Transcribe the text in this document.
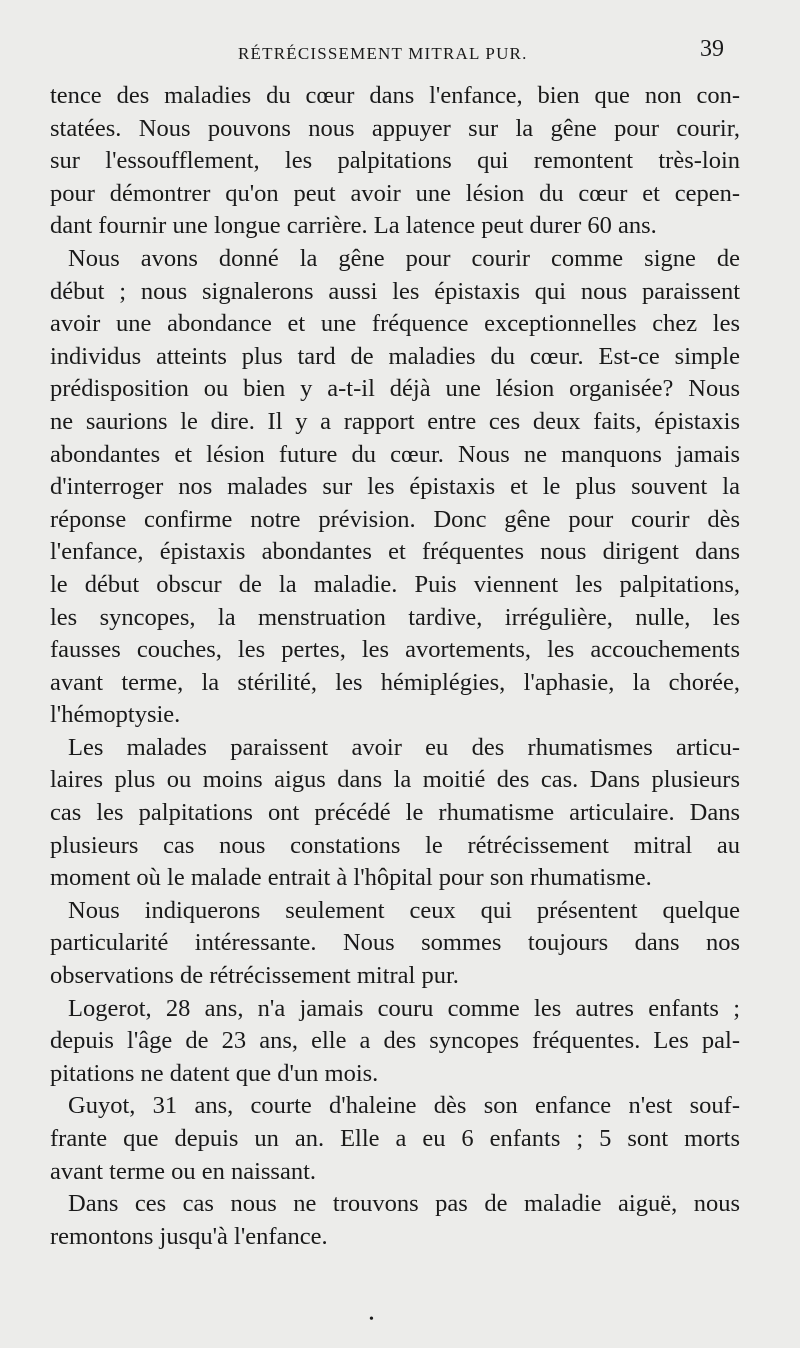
RÉTRÉCISSEMENT MITRAL PUR.	39
tence des maladies du cœur dans l'enfance, bien que non con-
statées. Nous pouvons nous appuyer sur la gêne pour courir,
sur l'essoufflement, les palpitations qui remontent très-loin
pour démontrer qu'on peut avoir une lésion du cœur et cepen-
dant fournir une longue carrière. La latence peut durer 60 ans.
Nous avons donné la gêne pour courir comme signe de
début ; nous signalerons aussi les épistaxis qui nous paraissent
avoir une abondance et une fréquence exceptionnelles chez les
individus atteints plus tard de maladies du cœur. Est-ce simple
prédisposition ou bien y a-t-il déjà une lésion organisée? Nous
ne saurions le dire. Il y a rapport entre ces deux faits, épistaxis
abondantes et lésion future du cœur. Nous ne manquons jamais
d'interroger nos malades sur les épistaxis et le plus souvent la
réponse confirme notre prévision. Donc gêne pour courir dès
l'enfance, épistaxis abondantes et fréquentes nous dirigent dans
le début obscur de la maladie. Puis viennent les palpitations,
les syncopes, la menstruation tardive, irrégulière, nulle, les
fausses couches, les pertes, les avortements, les accouchements
avant terme, la stérilité, les hémiplégies, l'aphasie, la chorée,
l'hémoptysie.
Les malades paraissent avoir eu des rhumatismes articu-
laires plus ou moins aigus dans la moitié des cas. Dans plusieurs
cas les palpitations ont précédé le rhumatisme articulaire. Dans
plusieurs cas nous constations le rétrécissement mitral au
moment où le malade entrait à l'hôpital pour son rhumatisme.
Nous indiquerons seulement ceux qui présentent quelque
particularité intéressante. Nous sommes toujours dans nos
observations de rétrécissement mitral pur.
Logerot, 28 ans, n'a jamais couru comme les autres enfants ;
depuis l'âge de 23 ans, elle a des syncopes fréquentes. Les pal-
pitations ne datent que d'un mois.
Guyot, 31 ans, courte d'haleine dès son enfance n'est souf-
frante que depuis un an. Elle a eu 6 enfants ; 5 sont morts
avant terme ou en naissant.
Dans ces cas nous ne trouvons pas de maladie aiguë, nous
remontons jusqu'à l'enfance.
•
